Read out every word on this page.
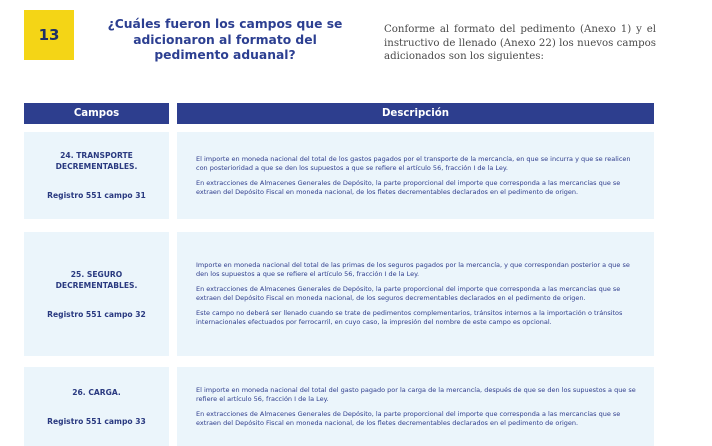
13
¿Cuáles fueron los campos que se adicionaron al formato del pedimento aduanal?
Conforme al formato del pedimento (Anexo 1) y el instructivo de llenado (Anexo 22) los nuevos campos adicionados son los siguientes:
Campos	Descripción
24. TRANSPORTE
DECREMENTABLES.
Registro 551 campo 31

El importe en moneda nacional del total de los gastos pagados por el transporte de la mercancía, en que se incurra y que se realicen con posterioridad a que se den los supuestos a que se refiere el artículo 56, fracción I de la Ley.

En extracciones de Almacenes Generales de Depósito, la parte proporcional del importe que corresponda a las mercancías que se extraen del Depósito Fiscal en moneda nacional, de los fletes decrementables declarados en el pedimento de origen.

25. SEGURO
DECREMENTABLES.
Registro 551 campo 32

Importe en moneda nacional del total de las primas de los seguros pagados por la mercancía, y que correspondan posterior a que se den los supuestos a que se refiere el artículo 56, fracción I de la Ley.

En extracciones de Almacenes Generales de Depósito, la parte proporcional del importe que corresponda a las mercancías que se extraen del Depósito Fiscal en moneda nacional, de los seguros decrementables declarados en el pedimento de origen.

Este campo no deberá ser llenado cuando se trate de pedimentos complementarios, tránsitos internos a la importación o tránsitos internacionales efectuados por ferrocarril, en cuyo caso, la impresión del nombre de este campo es opcional.

26. CARGA.
Registro 551 campo 33

El importe en moneda nacional del total del gasto pagado por la carga de la mercancía, después de que se den los supuestos a que se refiere el artículo 56, fracción I de la Ley.

En extracciones de Almacenes Generales de Depósito, la parte proporcional del importe que corresponda a las mercancías que se extraen del Depósito Fiscal en moneda nacional, de los fletes decrementables declarados en el pedimento de origen.
